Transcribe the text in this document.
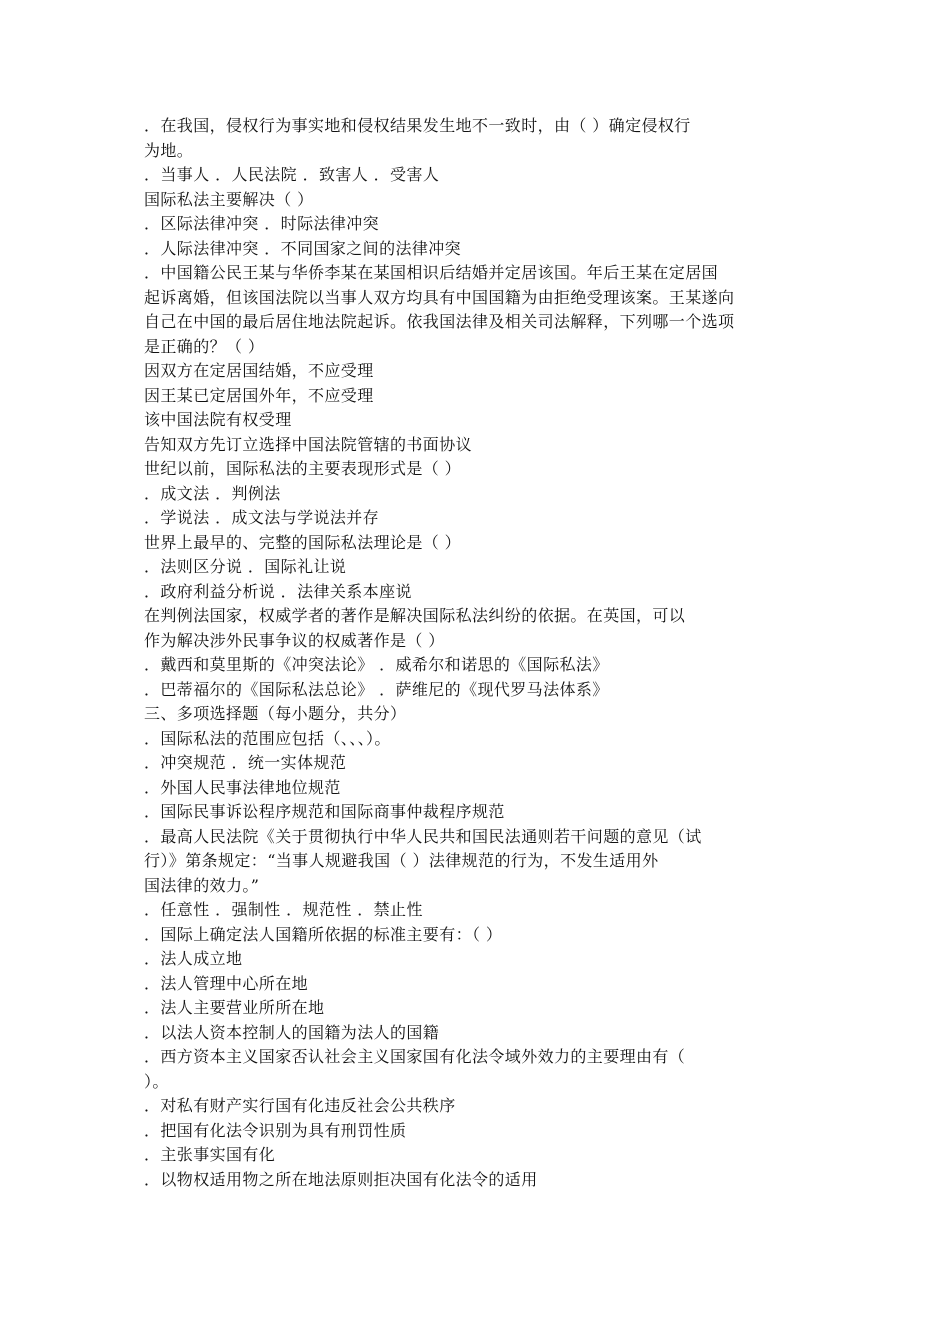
．在我国，侵权行为事实地和侵权结果发生地不一致时，由（ ）确定侵权行
为地。
．当事人 ．人民法院 ．致害人 ．受害人
国际私法主要解决（ ）
．区际法律冲突 ．时际法律冲突
．人际法律冲突 ．不同国家之间的法律冲突
．中国籍公民王某与华侨李某在某国相识后结婚并定居该国。年后王某在定居国
起诉离婚，但该国法院以当事人双方均具有中国国籍为由拒绝受理该案。王某遂向
自己在中国的最后居住地法院起诉。依我国法律及相关司法解释，下列哪一个选项
是正确的？（ ）
因双方在定居国结婚，不应受理
因王某已定居国外年，不应受理
该中国法院有权受理
告知双方先订立选择中国法院管辖的书面协议
世纪以前，国际私法的主要表现形式是（ ）
．成文法 ．判例法
．学说法 ．成文法与学说法并存
世界上最早的、完整的国际私法理论是（ ）
．法则区分说 ．国际礼让说
．政府利益分析说 ．法律关系本座说
在判例法国家，权威学者的著作是解决国际私法纠纷的依据。在英国，可以
作为解决涉外民事争议的权威著作是（ ）
．戴西和莫里斯的《冲突法论》 ．威希尔和诺思的《国际私法》
．巴蒂福尔的《国际私法总论》 ．萨维尼的《现代罗马法体系》
三、多项选择题（每小题分，共分）
．国际私法的范围应包括（、、、）。
．冲突规范 ．统一实体规范
．外国人民事法律地位规范
．国际民事诉讼程序规范和国际商事仲裁程序规范
．最高人民法院《关于贯彻执行中华人民共和国民法通则若干问题的意见（试
行）》第条规定：“当事人规避我国（ ）法律规范的行为，不发生适用外
国法律的效力。”
．任意性 ．强制性 ．规范性 ．禁止性
．国际上确定法人国籍所依据的标准主要有：（ ）
．法人成立地
．法人管理中心所在地
．法人主要营业所所在地
．以法人资本控制人的国籍为法人的国籍
．西方资本主义国家否认社会主义国家国有化法令域外效力的主要理由有（
）。
．对私有财产实行国有化违反社会公共秩序
．把国有化法令识别为具有刑罚性质
．主张事实国有化
．以物权适用物之所在地法原则拒决国有化法令的适用
